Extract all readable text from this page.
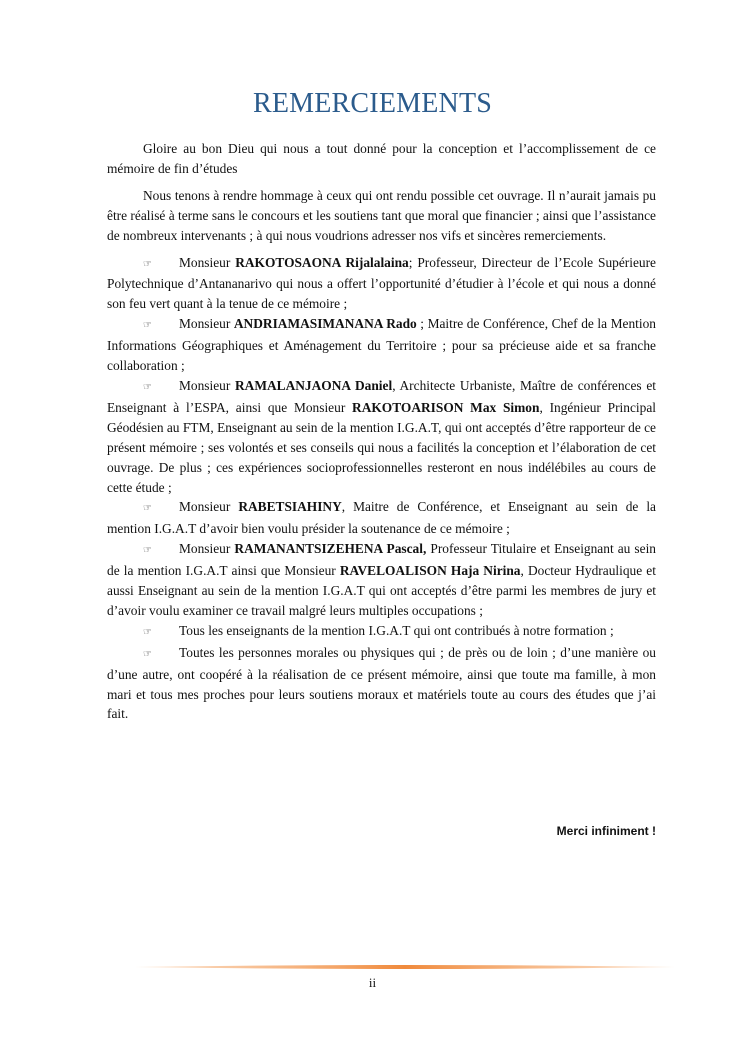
REMERCIEMENTS

Gloire au bon Dieu qui nous a tout donné pour la conception et l’accomplissement de ce mémoire de fin d’études

Nous tenons à rendre hommage à ceux qui ont rendu possible cet ouvrage. Il n’aurait jamais pu être réalisé à terme sans le concours et les soutiens tant que moral que financier ; ainsi que l’assistance de nombreux intervenants ; à qui nous voudrions adresser nos vifs et sincères remerciements.

☞ Monsieur RAKOTOSAONA Rijalalaina; Professeur, Directeur de l’Ecole Supérieure Polytechnique d’Antananarivo qui nous a offert l’opportunité d’étudier à l’école et qui nous a donné son feu vert quant à la tenue de ce mémoire ;

☞ Monsieur ANDRIAMASIMANANA Rado ; Maitre de Conférence, Chef de la Mention Informations Géographiques et Aménagement du Territoire ; pour sa précieuse aide et sa franche collaboration ;

☞ Monsieur RAMALANJAONA Daniel, Architecte Urbaniste, Maître de conférences et Enseignant à l’ESPA, ainsi que Monsieur RAKOTOARISON Max Simon, Ingénieur Principal Géodésien au FTM, Enseignant au sein de la mention I.G.A.T, qui ont acceptés d’être rapporteur de ce présent mémoire ; ses volontés et ses conseils qui nous a facilités la conception et l’élaboration de cet ouvrage. De plus ; ces expériences socioprofessionnelles resteront en nous indélébiles au cours de cette étude ;

☞ Monsieur RABETSIAHINY, Maitre de Conférence, et Enseignant au sein de la mention I.G.A.T d’avoir bien voulu présider la soutenance de ce mémoire ;

☞ Monsieur RAMANANTSIZEHENA Pascal, Professeur Titulaire et Enseignant au sein de la mention I.G.A.T ainsi que Monsieur RAVELOALISON Haja Nirina, Docteur Hydraulique et aussi Enseignant au sein de la mention I.G.A.T qui ont acceptés d’être parmi les membres de jury et d’avoir voulu examiner ce travail malgré leurs multiples occupations ;

☞ Tous les enseignants de la mention I.G.A.T qui ont contribués à notre formation ;

☞ Toutes les personnes morales ou physiques qui ; de près ou de loin ; d’une manière ou d’une autre, ont coopéré à la réalisation de ce présent mémoire, ainsi que toute ma famille, à mon mari et tous mes proches pour leurs soutiens moraux et matériels toute au cours des études que j’ai fait.

Merci infiniment !
ii
